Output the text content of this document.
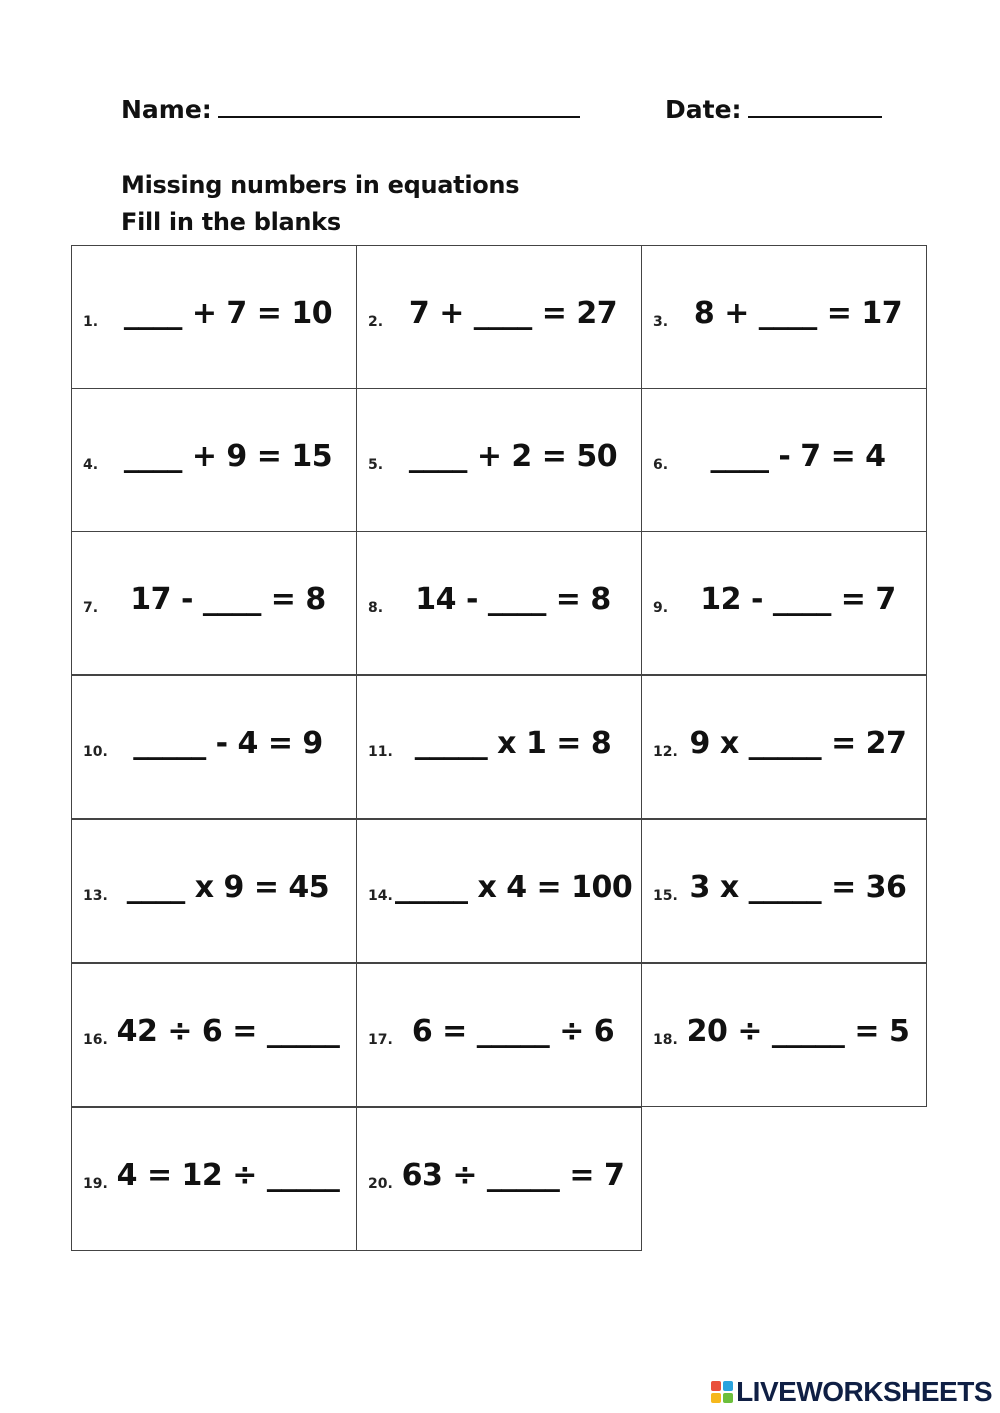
Name:	Date:
Missing numbers in equations
Fill in the blanks
1. ____ + 7 = 10	2. 7 + ____ = 27	3. 8 + ____ = 17
4. ____ + 9 = 15	5. ____ + 2 = 50	6.	____ - 7 = 4
7.	17 - ____ = 8	8.	14 - ____ = 8	9.	12 - ____ = 7
10. _____ - 4 = 9	11. _____ x 1 = 8	12. 9 x _____ = 27
13. ____ x 9 = 45	14. _____ x 4 = 100 15. 3 x _____ = 36
16. 42 ÷ 6 = _____	17. 6 = _____ ÷ 6	18. 20 ÷ _____ = 5
19. 4 = 12 ÷ _____	20. 63 ÷ _____ = 7
LIVEWORKSHEETS
